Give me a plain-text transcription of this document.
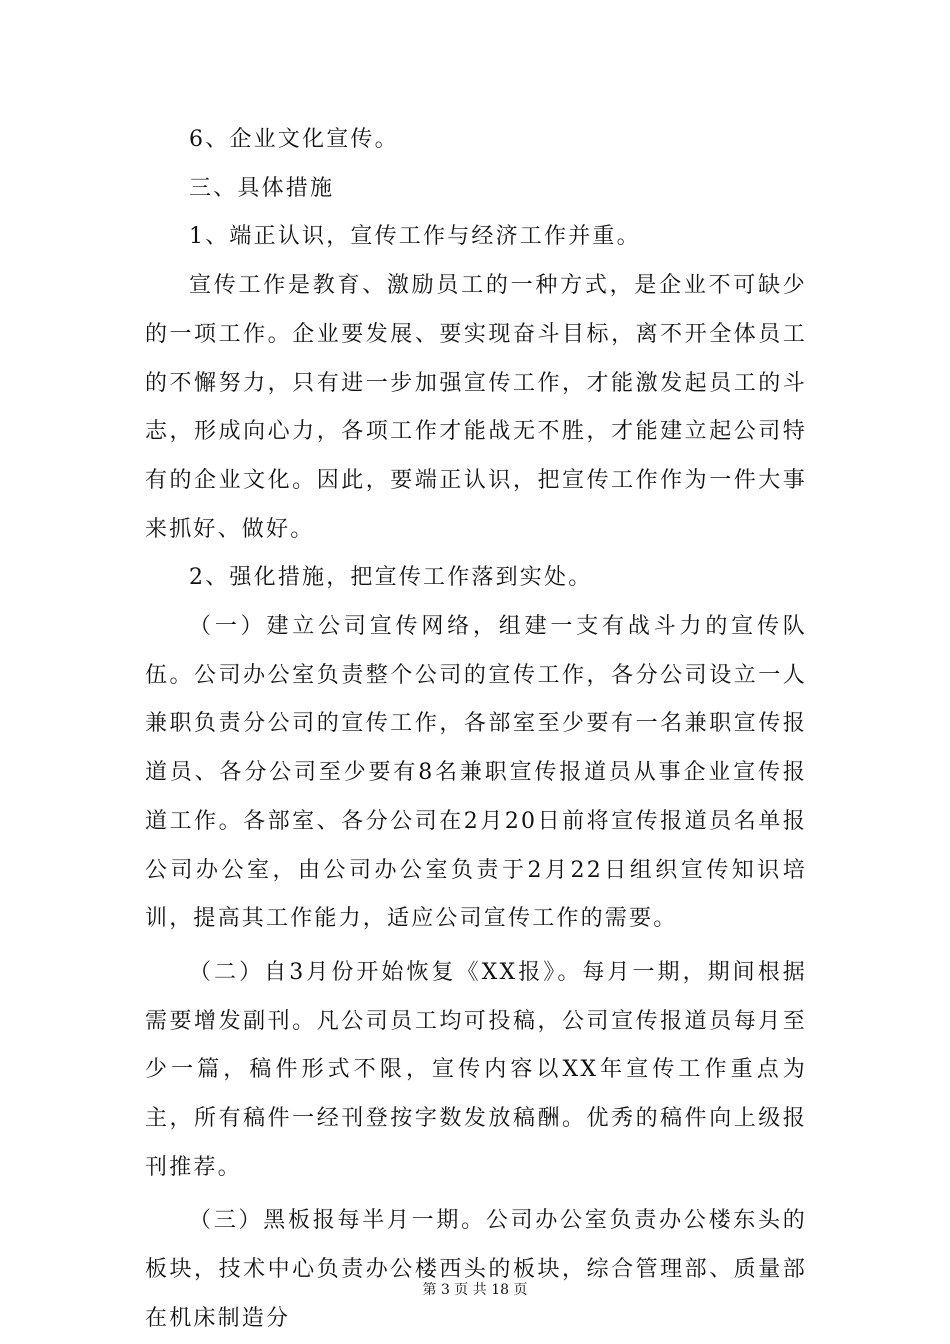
6、企业文化宣传。

三、具体措施

1、端正认识，宣传工作与经济工作并重。

宣传工作是教育、激励员工的一种方式，是企业不可缺少的一项工作。企业要发展、要实现奋斗目标，离不开全体员工的不懈努力，只有进一步加强宣传工作，才能激发起员工的斗志，形成向心力，各项工作才能战无不胜，才能建立起公司特有的企业文化。因此，要端正认识，把宣传工作作为一件大事来抓好、做好。

2、强化措施，把宣传工作落到实处。

（一）建立公司宣传网络，组建一支有战斗力的宣传队伍。公司办公室负责整个公司的宣传工作，各分公司设立一人兼职负责分公司的宣传工作，各部室至少要有一名兼职宣传报道员、各分公司至少要有8名兼职宣传报道员从事企业宣传报道工作。各部室、各分公司在2月20日前将宣传报道员名单报公司办公室，由公司办公室负责于2月22日组织宣传知识培训，提高其工作能力，适应公司宣传工作的需要。

（二）自3月份开始恢复《XX报》。每月一期，期间根据需要增发副刊。凡公司员工均可投稿，公司宣传报道员每月至少一篇，稿件形式不限，宣传内容以XX年宣传工作重点为主，所有稿件一经刊登按字数发放稿酬。优秀的稿件向上级报刊推荐。

（三）黑板报每半月一期。公司办公室负责办公楼东头的板块，技术中心负责办公楼西头的板块，综合管理部、质量部在机床制造分

第 3 页 共 18 页
